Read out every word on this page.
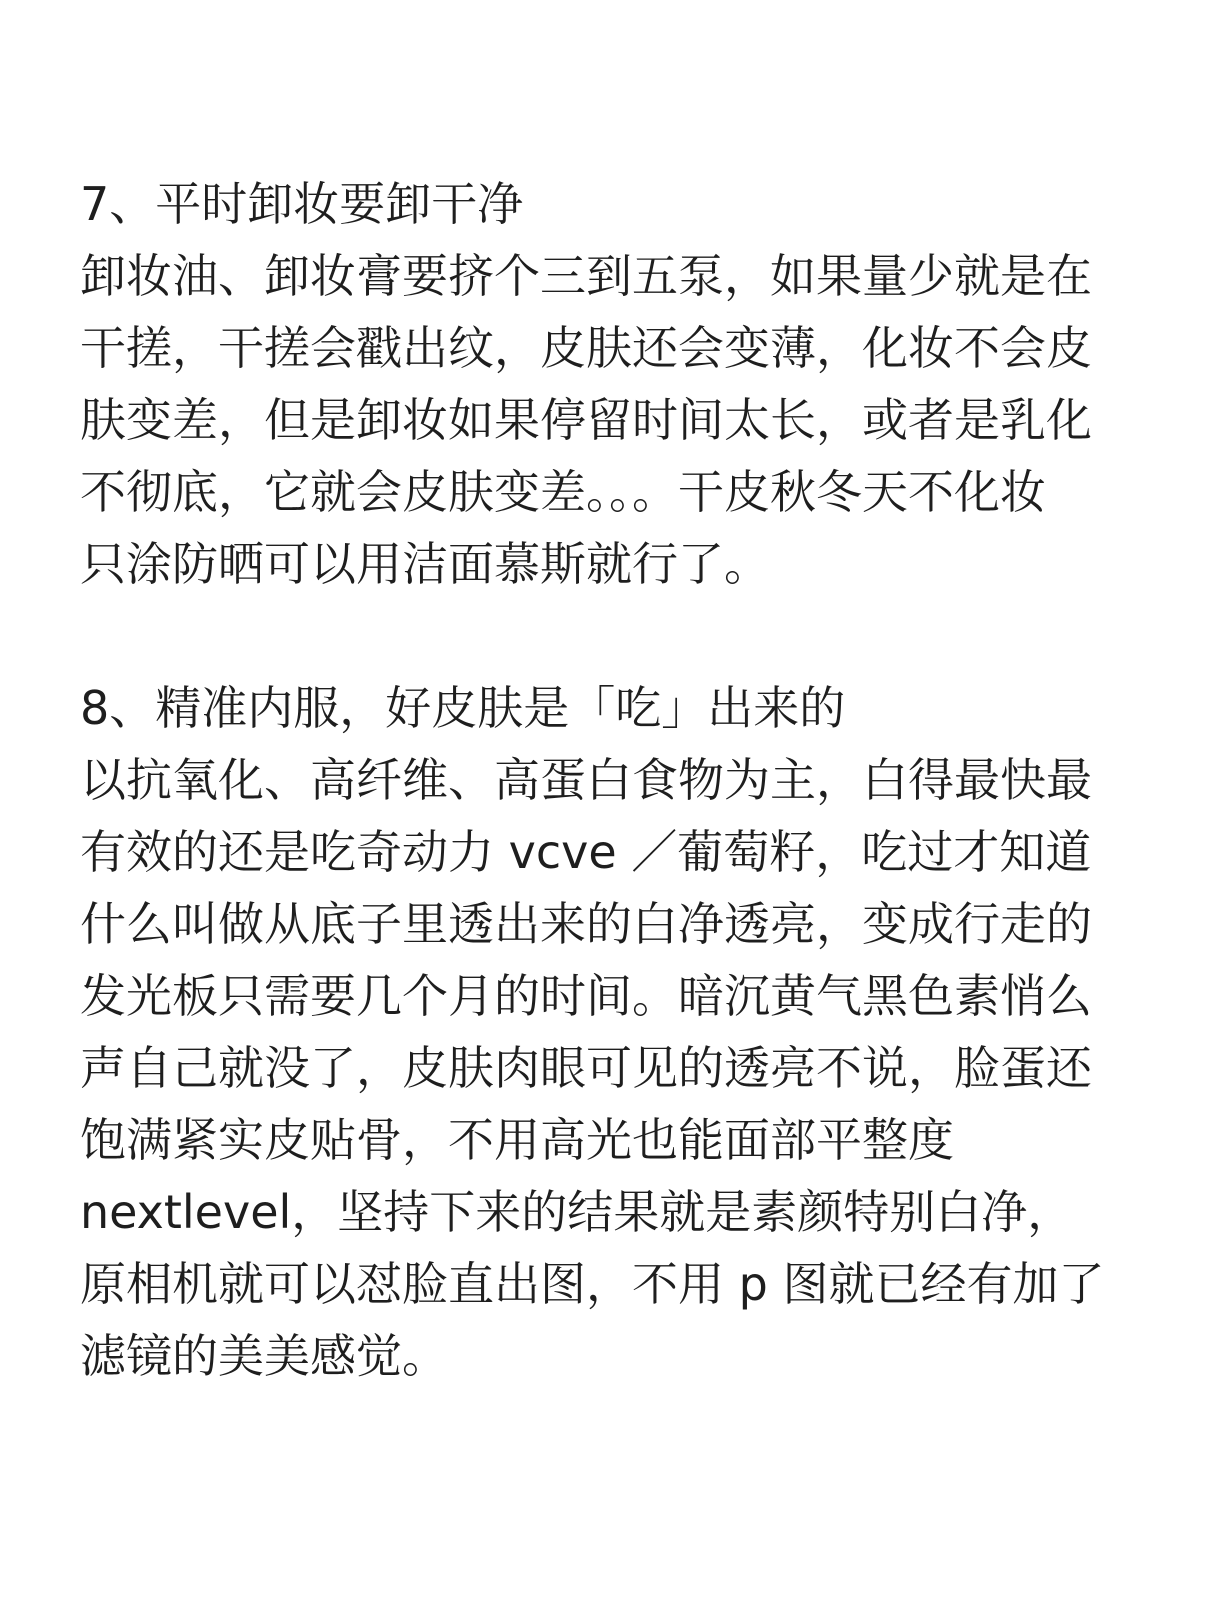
7、平时卸妆要卸干净
卸妆油、卸妆膏要挤个三到五泵，如果量少就是在
干搓，干搓会戳出纹，皮肤还会变薄，化妆不会皮
肤变差，但是卸妆如果停留时间太长，或者是乳化
不彻底，它就会皮肤变差。。。干皮秋冬天不化妆
只涂防晒可以用洁面慕斯就行了。
8、精准内服，好皮肤是「吃」出来的
以抗氧化、高纤维、高蛋白食物为主，白得最快最
有效的还是吃奇动力 vcve ／葡萄籽，吃过才知道
什么叫做从底子里透出来的白净透亮，变成行走的
发光板只需要几个月的时间。暗沉黄气黑色素悄么
声自己就没了，皮肤肉眼可见的透亮不说，脸蛋还
饱满紧实皮贴骨，不用高光也能面部平整度
nextlevel，坚持下来的结果就是素颜特别白净，
原相机就可以怼脸直出图，不用 p 图就已经有加了
滤镜的美美感觉。
